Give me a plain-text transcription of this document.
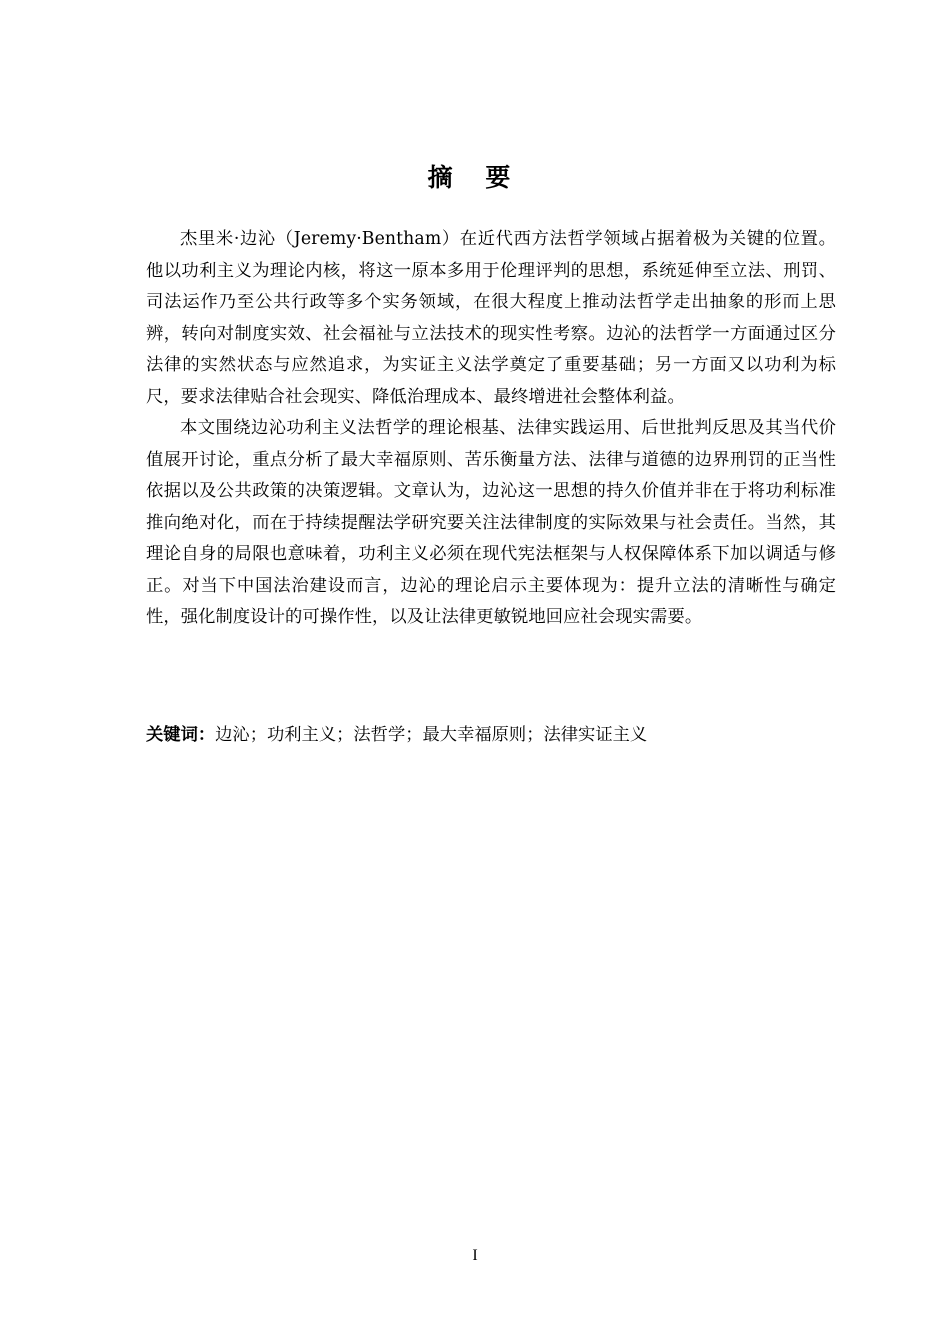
摘 要

杰里米·边沁（Jeremy·Bentham）在近代西方法哲学领域占据着极为关键的位置。他以功利主义为理论内核，将这一原本多用于伦理评判的思想，系统延伸至立法、刑罚、司法运作乃至公共行政等多个实务领域，在很大程度上推动法哲学走出抽象的形而上思辨，转向对制度实效、社会福祉与立法技术的现实性考察。边沁的法哲学一方面通过区分法律的实然状态与应然追求，为实证主义法学奠定了重要基础；另一方面又以功利为标尺，要求法律贴合社会现实、降低治理成本、最终增进社会整体利益。

本文围绕边沁功利主义法哲学的理论根基、法律实践运用、后世批判反思及其当代价值展开讨论，重点分析了最大幸福原则、苦乐衡量方法、法律与道德的边界刑罚的正当性依据以及公共政策的决策逻辑。文章认为，边沁这一思想的持久价值并非在于将功利标准推向绝对化，而在于持续提醒法学研究要关注法律制度的实际效果与社会责任。当然，其理论自身的局限也意味着，功利主义必须在现代宪法框架与人权保障体系下加以调适与修正。对当下中国法治建设而言，边沁的理论启示主要体现为：提升立法的清晰性与确定性，强化制度设计的可操作性，以及让法律更敏锐地回应社会现实需要。

关键词：边沁；功利主义；法哲学；最大幸福原则；法律实证主义
I
